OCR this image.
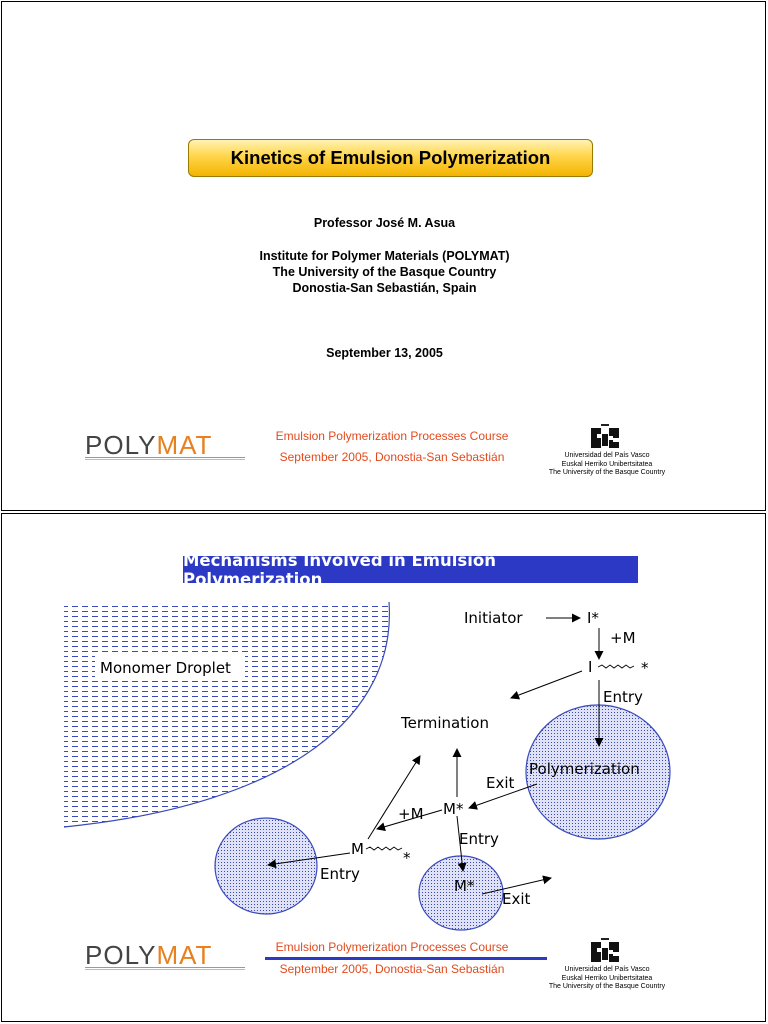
Kinetics of Emulsion Polymerization
Professor José M. Asua
Institute for Polymer Materials (POLYMAT)
The University of the Basque Country
Donostia-San Sebastián, Spain
September 13, 2005
POLYMAT	Emulsion Polymerization Processes Course
September 2005, Donostia-San Sebastián	Universidad del País Vasco
Euskal Herriko Unibertsitatea
The University of the Basque Country
Monomer Droplet
Initiator	I*
+M
I	*
Entry
Termination
Polymerization
Exit
M*
+M
Entry
M	*
Entry
M*
Exit
Mechanisms Involved in Emulsion Polymerization
POLYMAT	Emulsion Polymerization Processes Course
September 2005, Donostia-San Sebastián	Universidad del País Vasco
Euskal Herriko Unibertsitatea
The University of the Basque Country
